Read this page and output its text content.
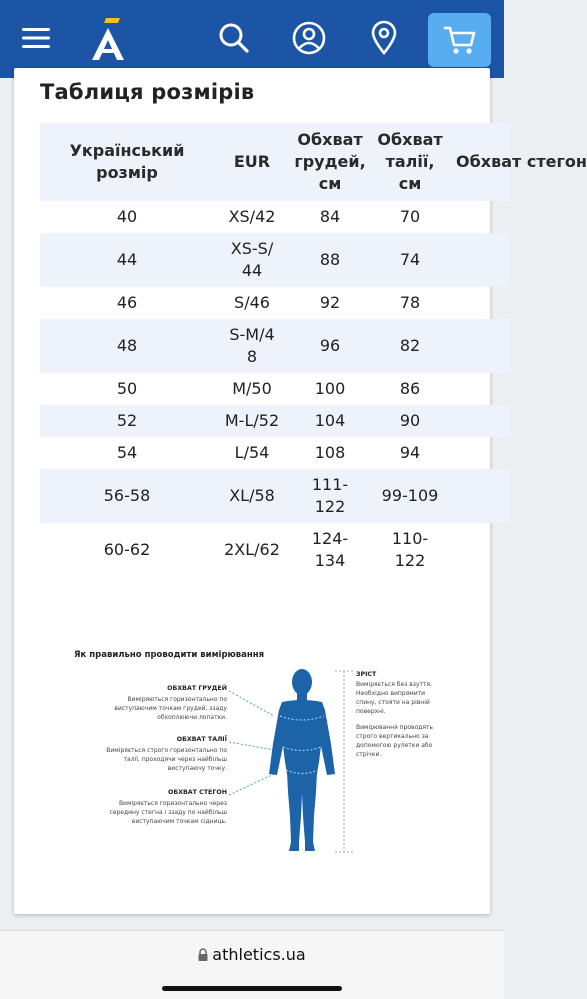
Таблиця розмірів
Український розмір	EUR	Обхват грудей, см	Обхват талії, см	Обхват стегон
40	XS/42	84	70	
44	XS-S/44	88	74	
46	S/46	92	78	
48	S-M/48	96	82	
50	M/50	100	86	
52	M-L/52	104	90	
54	L/54	108	94	
56-58	XL/58	111-122	99-109	
60-62	2XL/62	124-134	110-122	
Як правильно проводити вимірювання
ОБХВАТ ГРУДЕЙ
Виміряються горизонтально по виступаючим точкам грудей, ззаду обхоплюючи лопатки.
ОБХВАТ ТАЛІЇ
Виміряється строго горизонтально по талії, проходячи через найбільш виступаючу точку.
ОБХВАТ СТЕГОН
Виміряється горизонтально через середину стегна і ззаду по найбільш виступаючим точкам сідниць.
ЗРІСТ
Виміряється без взуття. Необхідно випрямити спину, стояти на рівній поверхні.
Вимірювання проводять строго вертикально за допомогою рулетки або стрічки.
athletics.ua
